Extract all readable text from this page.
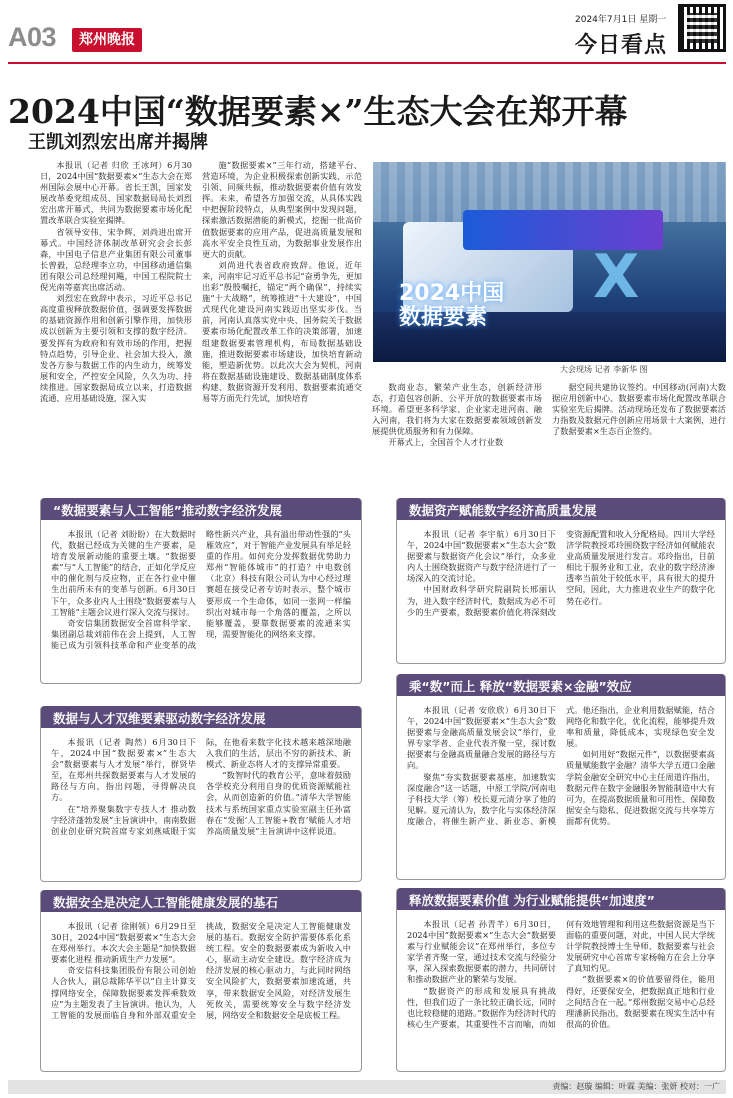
A03	郑州晚报
2024年7月1日 星期一
今日看点
2024中国“数据要素×”生态大会在郑开幕
王凯刘烈宏出席并揭牌

本报讯（记者 归欣 王冰珂）6月30日，2024中国“数据要素×”生态大会在郑州国际会展中心开幕。省长王凯，国家发展改革委党组成员、国家数据局局长刘烈宏出席开幕式，共同为数据要素市场化配置改革联合实验室揭牌。

省领导安伟、宋争辉，刘尚进出席开幕式。中国经济体制改革研究会会长彭森，中国电子信息产业集团有限公司董事长曾毅，总经理李立功，中国移动通信集团有限公司总经理何飚，中国工程院院士倪光南等嘉宾出席活动。

刘烈宏在致辞中表示，习近平总书记高度重视释放数据价值，强调要发挥数据的基础资源作用和创新引擎作用，加快形成以创新为主要引领和支撑的数字经济。要发挥有为政府和有效市场的作用，把握特点趋势，引导企业、社会加大投入，激发各方参与数据工作的内生动力，统筹发展和安全，严控安全风险，久久为功、持续推进。国家数据局成立以来，打造数据流通、应用基础设施，深入实

施“数据要素×”三年行动，搭建平台、营造环境，为企业积极探索创新实践、示范引领、同频共振，推动数据要素价值有效发挥。未来，希望各方加强交流，从具体实践中把握阶段特点，从典型案例中发现问题，探索激活数据潜能的新模式，挖掘一批高价值数据要素的应用产品，促进高质量发展和高水平安全良性互动，为数据事业发展作出更大的贡献。

刘尚进代表省政府致辞。他说，近年来，河南牢记习近平总书记“奋勇争先，更加出彩”殷殷嘱托，锚定“两个确保”，持续实施“十大战略”，统筹推进“十大建设”，中国式现代化建设河南实践迈出坚实步伐。当前，河南认真落实党中央、国务院关于数据要素市场化配置改革工作的决策部署，加速组建数据要素管理机构，布局数据基础设施，推进数据要素市场建设，加快培育新动能，塑造新优势。以此次大会为契机，河南将在数据基础设施建设、数据基础制度体系构建、数据资源开发利用、数据要素流通交易等方面先行先试，加快培育

X
2024中国
数据要素
大会现场 记者 李新华 图

数商业态，繁荣产业生态，创新经济形态，打造包容创新、公平开放的数据要素市场环境。希望更多科学家、企业家走进河南、融入河南，我们将为大家在数据要素领域创新发展提供优质服务和有力保障。

开幕式上，全国首个人才行业数

据空间共建协议签约。中国移动(河南)大数据应用创新中心、数据要素市场化配置改革联合实验室先后揭牌。活动现场还发布了数据要素活力指数及数据元件创新应用场景十大案例，进行了数据要素×生态百企签约。

“数据要素与人工智能”推动数字经济发展

本报讯（记者 刘盼盼）在大数据时代，数据已经成为关键的生产要素，是培育发展新动能的重要土壤。“数据要素”与“人工智能”的结合，正如化学反应中的催化剂与反应物，正在各行业中催生出前所未有的变革与创新。6月30日下午，众多业内人士围绕“数据要素与人工智能”主题会议进行深入交流与探讨。

奇安信集团数据安全首席科学家、集团副总裁刘前伟在会上提到，人工智能已成为引领科技革命和产业变革的战略性新兴产业，具有溢出带动性强的“头雁效应”，对于智能产业发展具有举足轻重的作用。如何充分发挥数据优势助力郑州“智能体城市”的打造？中电数创（北京）科技有限公司认为中心经过理赛超在接受记者专访时表示，整个城市要形成一个生命体，如同一张网一样编织出对城市每一个角落的覆盖，之所以能够覆盖，要靠数据要素的流通来实现，需要智能化的网络来支撑。

数据资产赋能数字经济高质量发展

本报讯（记者 李宇航）6月30日下午，2024中国“数据要素×”生态大会“数据要素与数据资产化会议”举行，众多业内人士围绕数据资产与数字经济进行了一场深入的交流讨论。

中国财政科学研究院副院长邢丽认为，进入数字经济时代，数据成为必不可少的生产要素，数据要素价值化将深刻改变资源配置和收入分配格局。四川大学经济学院教授邓玲围绕数字经济如何赋能农业高质量发展进行发言。邓玲指出，目前相比于服务业和工业，农业的数字经济渗透率当前处于较低水平，具有很大的提升空间，因此，大力推进农业生产的数字化势在必行。

乘“数”而上 释放“数据要素×金融”效应

本报讯（记者 安欣欣）6月30日下午，2024中国“数据要素×”生态大会“数据要素与金融高质量发展会议”举行，业界专家学者、企业代表齐聚一堂，探讨数据要素与金融高质量融合发展的路径与方向。

聚焦“夯实数据要素基座，加速数实深度融合”这一话题，中原工学院/河南电子科技大学（筹）校长夏元清分享了他的见解。夏元清认为，数字化与实体经济深度融合，将催生新产业、新业态、新模式。他还指出，企业利用数据赋能，结合网络化和数字化，优化流程，能够提升效率和质量，降低成本，实现绿色安全发展。

如何用好“数据元件”，以数据要素高质量赋能数字金融？清华大学五道口金融学院金融安全研究中心主任周道许指出，数据元件在数字金融服务智能制造中大有可为，在提高数据质量和可用性、保障数据安全与隐私、促进数据交流与共享等方面都有优势。

数据与人才双维要素驱动数字经济发展

本报讯（记者 陶然）6月30日下午，2024中国“数据要素×”生态大会“数据要素与人才发展”举行，群贤毕至，在郑州共探数据要素与人才发展的路径与方向，指出问题，寻得解决良方。

在“培养聚集数字专技人才 推动数字经济蓬勃发展”主旨演讲中，南南数据创业创业研究院首席专家刘燕威眼于实际，在他看来数字化技术越来越深地融入我们的生活，层出不穷的新技术、新模式、新业态将人才的支撑异常重要。

“数智时代的教育公平，意味着鼓励各学校充分利用自身的优质资源赋能社会，从而创造新的价值。”清华大学智能技术与系统国家重点实验室副主任孙富春在“发掘‘人工智能+教育’赋能人才培养高质量发展”主旨演讲中这样说道。

数据安全是决定人工智能健康发展的基石

本报讯（记者 徐刚领）6月29日至30日，2024中国“数据要素×”生态大会在郑州举行。本次大会主题是“加快数据要素化进程 推动新质生产力发展”。

奇安信科技集团股份有限公司创始人合伙人，副总裁陈华平以“自主计算支撑网络安全，保障数据要素发挥乘数效应”为主题发表了主旨演讲。他认为，人工智能的发展面临自身和外部双重安全挑战，数据安全是决定人工智能健康发展的基石。数据安全防护需要体系化系统工程。安全的数据要素成为新收入中心，驱动主动安全建设。数字经济成为经济发展的核心驱动力，与此同时网络安全风险扩大，数据要素加速流通，共享，带来数据安全风险，对经济发展生死攸关，需要统筹安全与数字经济发展，网络安全和数据安全是底板工程。

释放数据要素价值 为行业赋能提供“加速度”

本报讯（记者 孙青芊）6月30日，2024中国“数据要素×”生态大会“数据要素与行业赋能会议”在郑州举行，多位专家学者齐聚一堂，通过技术交流与经验分享，深入探索数据要素的潜力，共同研讨和推动数据产业的繁荣与发展。

“数据资产的形成和发展具有挑战性，但我们迈了一条比较正确长远，同时也比较稳健的道路。”数据作为经济时代的核心生产要素，其重要性不言而喻，而如何有效地管理和利用这些数据资源是当下面临的重要问题，对此，中国人民大学统计学院教授博士生导师、数据要素与社会发展研究中心首席专家杨翰方在会上分享了真知灼见。

“数据要素×的价值要留得住，能用得好，还要保安全，把数据真正地和行业之间结合在一起。”郑州数据交易中心总经理潘新民指出，数据要素在现实生活中有很高的价值。

责编：赵璇 编辑：叶霖 美编：张妍 校对：一广
